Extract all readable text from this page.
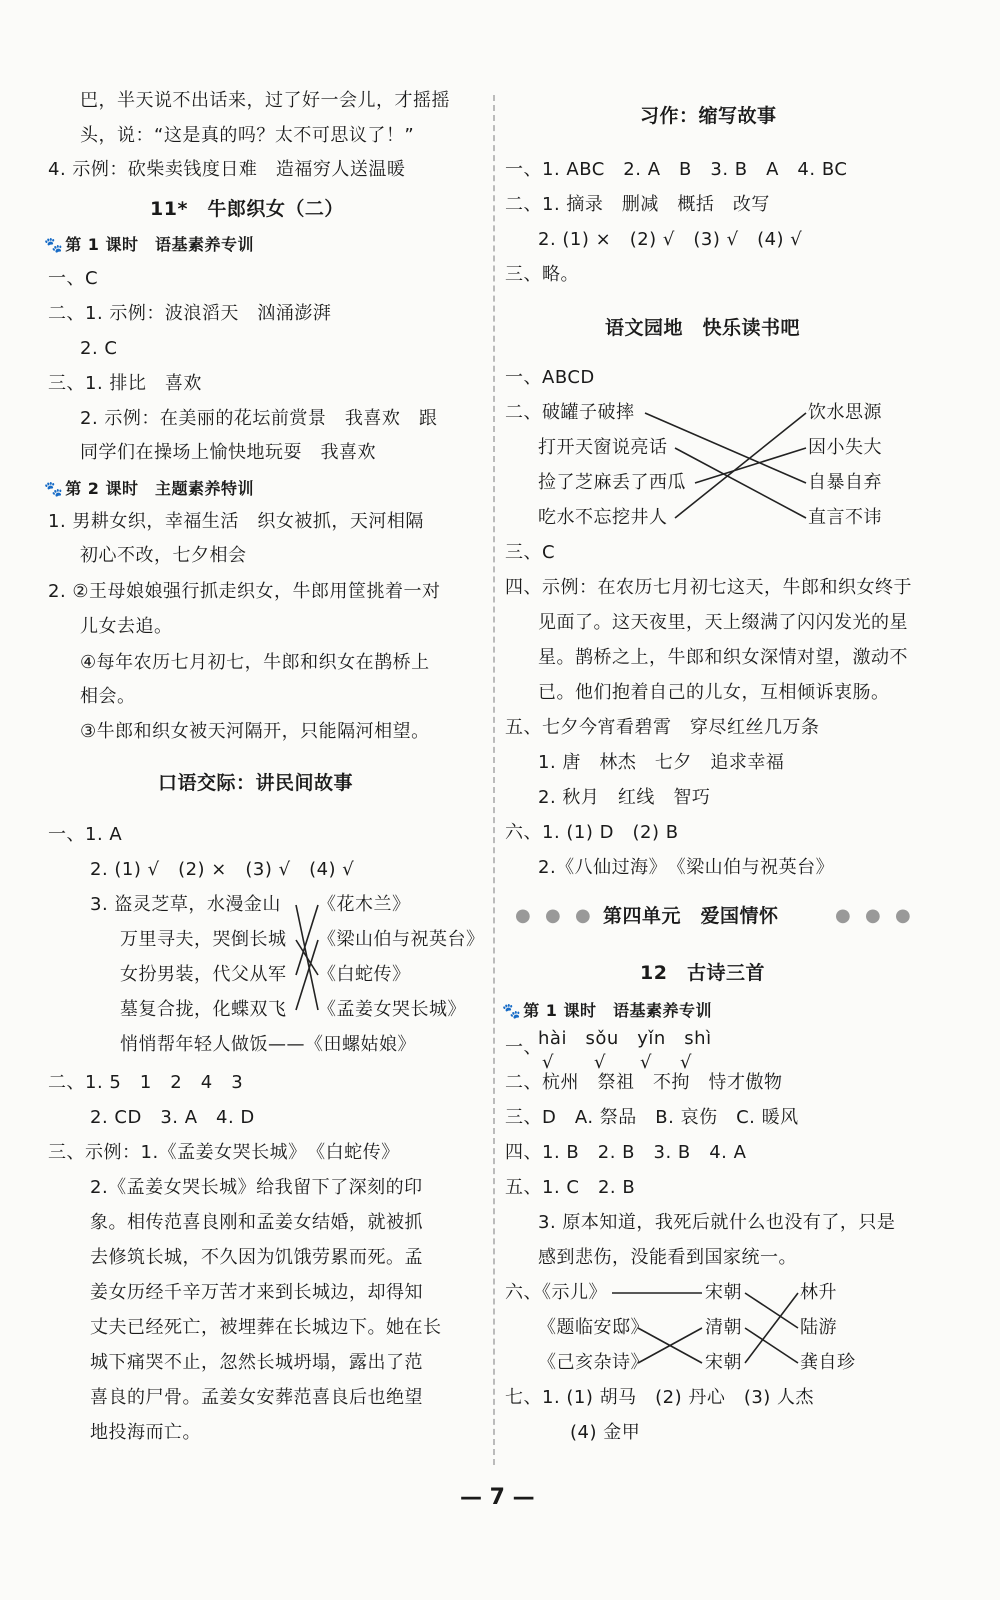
巴，半天说不出话来，过了好一会儿，才摇摇
头，说：“这是真的吗？太不可思议了！”
4. 示例：砍柴卖钱度日难　造福穷人送温暖
11*　牛郎织女（二）
🐾 第 1 课时　语基素养专训
一、C
二、1. 示例：波浪滔天　汹涌澎湃
2. C
三、1. 排比　喜欢
2. 示例：在美丽的花坛前赏景　我喜欢　跟
同学们在操场上愉快地玩耍　我喜欢
🐾 第 2 课时　主题素养特训
1. 男耕女织，幸福生活　织女被抓，天河相隔
初心不改，七夕相会
2. ②王母娘娘强行抓走织女，牛郎用筐挑着一对
儿女去追。
④每年农历七月初七，牛郎和织女在鹊桥上
相会。
③牛郎和织女被天河隔开，只能隔河相望。
口语交际：讲民间故事
一、1. A
2. (1) √　(2) ×　(3) √　(4) √
3. 盗灵芝草，水漫金山
万里寻夫，哭倒长城
女扮男装，代父从军
墓复合拢，化蝶双飞
悄悄帮年轻人做饭——《田螺姑娘》
二、1. 5　1　2　4　3
2. CD　3. A　4. D
三、示例：1.《孟姜女哭长城》　《白蛇传》
2.《孟姜女哭长城》给我留下了深刻的印
象。相传范喜良刚和孟姜女结婚，就被抓
去修筑长城，不久因为饥饿劳累而死。孟
姜女历经千辛万苦才来到长城边，却得知
丈夫已经死亡，被埋葬在长城边下。她在长
城下痛哭不止，忽然长城坍塌，露出了范
喜良的尸骨。孟姜女安葬范喜良后也绝望
地投海而亡。
《花木兰》
《梁山伯与祝英台》
《白蛇传》
《孟姜女哭长城》
习作：缩写故事
一、1. ABC　2. A　B　3. B　A　4. BC
二、1. 摘录　删减　概括　改写
2. (1) ×　(2) √　(3) √　(4) √
三、略。
语文园地　快乐读书吧
一、ABCD
二、破罐子破摔
打开天窗说亮话
捡了芝麻丢了西瓜
吃水不忘挖井人
饮水思源
因小失大
自暴自弃
直言不讳
三、C
四、示例：在农历七月初七这天，牛郎和织女终于
见面了。这天夜里，天上缀满了闪闪发光的星
星。鹊桥之上，牛郎和织女深情对望，激动不
已。他们抱着自己的儿女，互相倾诉衷肠。
五、七夕今宵看碧霄　穿尽红丝几万条
1. 唐　林杰　七夕　追求幸福
2. 秋月　红线　智巧
六、1. (1) D　(2) B
2.《八仙过海》　《梁山伯与祝英台》
第四单元　爱国情怀
12　古诗三首
🐾 第 1 课时　语基素养专训
一、
hài　sǒu　yǐn　shì
二、杭州　祭祖　不拘　恃才傲物
三、D　A. 祭品　B. 哀伤　C. 暖风
四、1. B　2. B　3. B　4. A
五、1. C　2. B
3. 原本知道，我死后就什么也没有了，只是
感到悲伤，没能看到国家统一。
六、《示儿》
《题临安邸》
《己亥杂诗》
宋朝
清朝
宋朝
林升
陆游
龚自珍
七、1. (1) 胡马　(2) 丹心　(3) 人杰
(4) 金甲
√ √ √ √
● ● ●	● ● ●
— 7 —
